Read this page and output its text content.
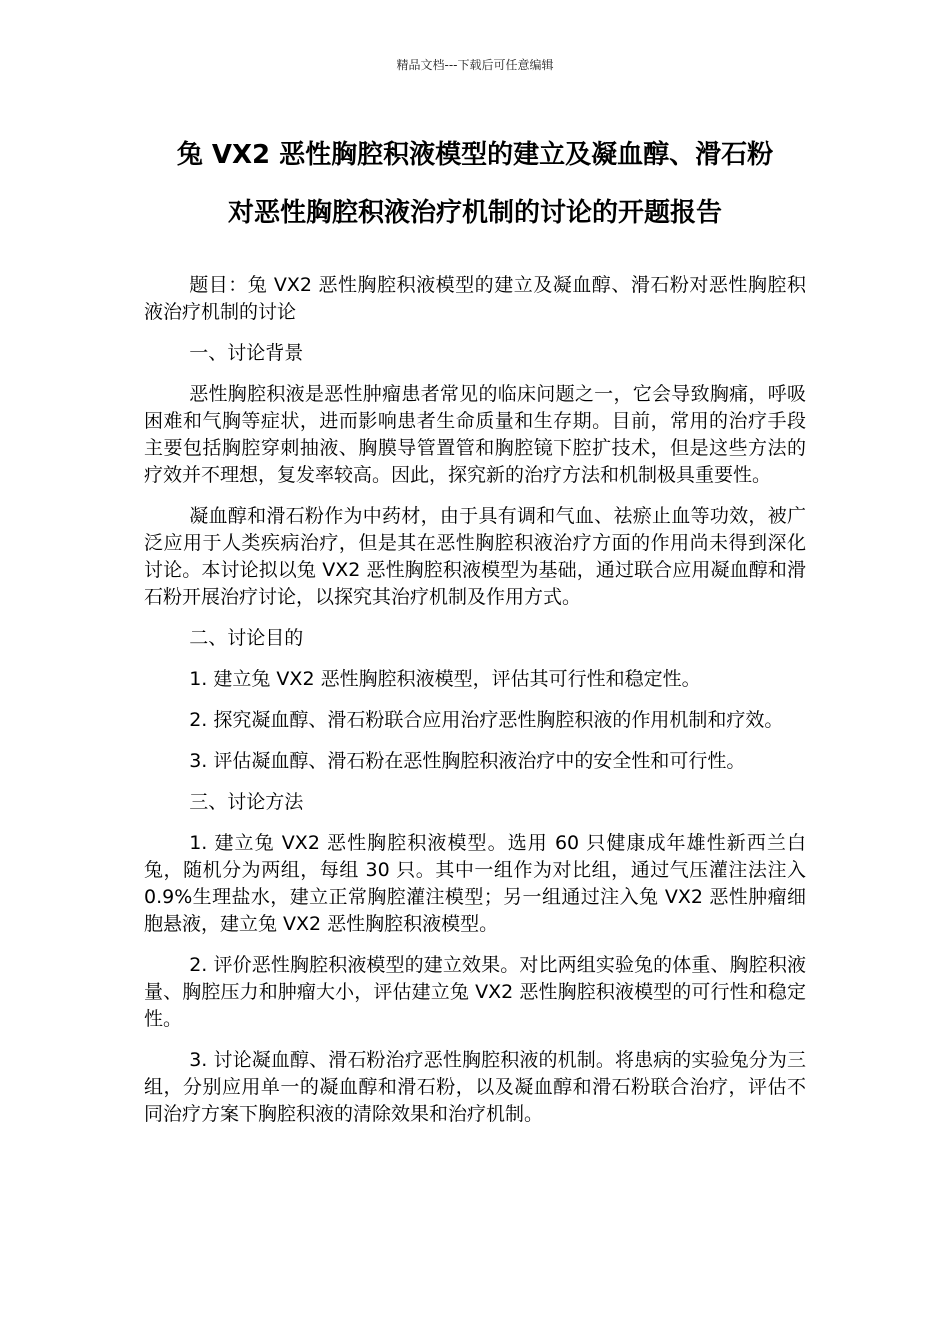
精品文档---下载后可任意编辑
兔 VX2 恶性胸腔积液模型的建立及凝血醇、滑石粉
对恶性胸腔积液治疗机制的讨论的开题报告

题目：兔 VX2 恶性胸腔积液模型的建立及凝血醇、滑石粉对恶性胸腔积液治疗机制的讨论

一、讨论背景

恶性胸腔积液是恶性肿瘤患者常见的临床问题之一，它会导致胸痛，呼吸困难和气胸等症状，进而影响患者生命质量和生存期。目前，常用的治疗手段主要包括胸腔穿刺抽液、胸膜导管置管和胸腔镜下腔扩技术，但是这些方法的疗效并不理想，复发率较高。因此，探究新的治疗方法和机制极具重要性。

凝血醇和滑石粉作为中药材，由于具有调和气血、祛瘀止血等功效，被广泛应用于人类疾病治疗，但是其在恶性胸腔积液治疗方面的作用尚未得到深化讨论。本讨论拟以兔 VX2 恶性胸腔积液模型为基础，通过联合应用凝血醇和滑石粉开展治疗讨论，以探究其治疗机制及作用方式。

二、讨论目的

1. 建立兔 VX2 恶性胸腔积液模型，评估其可行性和稳定性。

2. 探究凝血醇、滑石粉联合应用治疗恶性胸腔积液的作用机制和疗效。

3. 评估凝血醇、滑石粉在恶性胸腔积液治疗中的安全性和可行性。

三、讨论方法

1. 建立兔 VX2 恶性胸腔积液模型。选用 60 只健康成年雄性新西兰白兔，随机分为两组，每组 30 只。其中一组作为对比组，通过气压灌注法注入 0.9%生理盐水，建立正常胸腔灌注模型；另一组通过注入兔 VX2 恶性肿瘤细胞悬液，建立兔 VX2 恶性胸腔积液模型。

2. 评价恶性胸腔积液模型的建立效果。对比两组实验兔的体重、胸腔积液量、胸腔压力和肿瘤大小，评估建立兔 VX2 恶性胸腔积液模型的可行性和稳定性。

3. 讨论凝血醇、滑石粉治疗恶性胸腔积液的机制。将患病的实验兔分为三组，分别应用单一的凝血醇和滑石粉，以及凝血醇和滑石粉联合治疗，评估不同治疗方案下胸腔积液的清除效果和治疗机制。
